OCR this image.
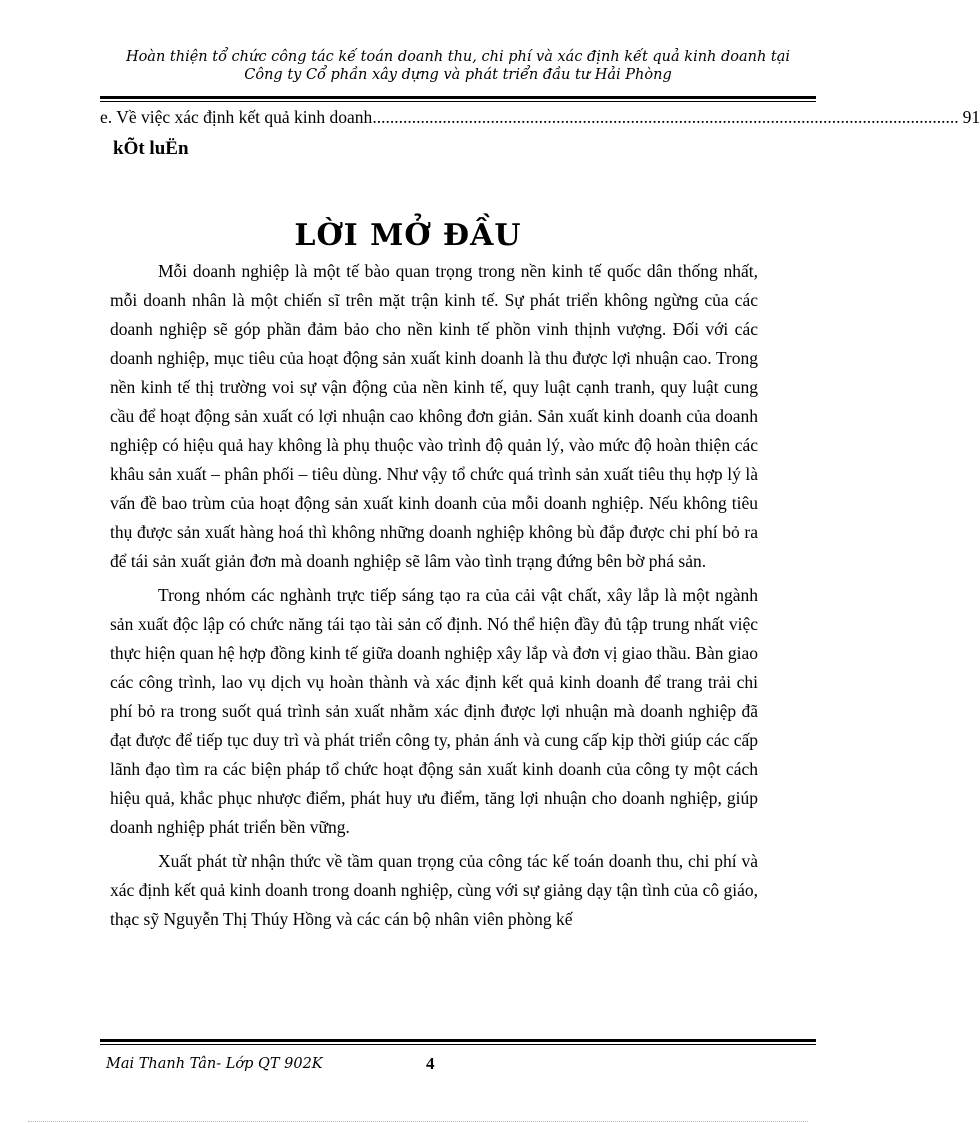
Hoàn thiện tổ chức công tác kế toán doanh thu, chi phí và xác định kết quả kinh doanh tại
Công ty Cổ phần xây dựng và phát triển đầu tư Hải Phòng
e. Về việc xác định kết quả kinh doanh ...................................................................................................................................... 91
kÕt luËn
LỜI MỞ ĐẦU

Mỗi doanh nghiệp là một tế bào quan trọng trong nền kinh tế quốc dân thống nhất, mỗi doanh nhân là một chiến sĩ trên mặt trận kinh tế. Sự phát triển không ngừng của các doanh nghiệp sẽ góp phần đảm bảo cho nền kinh tế phồn vinh thịnh vượng. Đối với các doanh nghiệp, mục tiêu của hoạt động sản xuất kinh doanh là thu được lợi nhuận cao. Trong nền kinh tế thị trường voi sự vận động của nền kinh tế, quy luật cạnh tranh, quy luật cung cầu để hoạt động sản xuất có lợi nhuận cao không đơn giản. Sản xuất kinh doanh của doanh nghiệp có hiệu quả hay không là phụ thuộc vào trình độ quản lý, vào mức độ hoàn thiện các khâu sản xuất – phân phối – tiêu dùng. Như vậy tổ chức quá trình sản xuất tiêu thụ hợp lý là vấn đề bao trùm của hoạt động sản xuất kinh doanh của mỗi doanh nghiệp. Nếu không tiêu thụ được sản xuất hàng hoá thì không những doanh nghiệp không bù đắp được chi phí bỏ ra để tái sản xuất giản đơn mà doanh nghiệp sẽ lâm vào tình trạng đứng bên bờ phá sản.

Trong nhóm các nghành trực tiếp sáng tạo ra của cải vật chất, xây lắp là một ngành sản xuất độc lập có chức năng tái tạo tài sản cố định. Nó thể hiện đầy đủ tập trung nhất việc thực hiện quan hệ hợp đồng kinh tế giữa doanh nghiệp xây lắp và đơn vị giao thầu. Bàn giao các công trình, lao vụ dịch vụ hoàn thành và xác định kết quả kinh doanh để trang trải chi phí bỏ ra trong suốt quá trình sản xuất nhằm xác định được lợi nhuận mà doanh nghiệp đã đạt được để tiếp tục duy trì và phát triển công ty, phản ánh và cung cấp kịp thời giúp các cấp lãnh đạo tìm ra các biện pháp tổ chức hoạt động sản xuất kinh doanh của công ty một cách hiệu quả, khắc phục nhược điểm, phát huy ưu điểm, tăng lợi nhuận cho doanh nghiệp, giúp doanh nghiệp phát triển bền vững.

Xuất phát từ nhận thức về tầm quan trọng của công tác kế toán doanh thu, chi phí và xác định kết quả kinh doanh trong doanh nghiệp, cùng với sự giảng dạy tận tình của cô giáo, thạc sỹ Nguyễn Thị Thúy Hồng và các cán bộ nhân viên phòng kế

Mai Thanh Tân- Lớp QT 902K	4
